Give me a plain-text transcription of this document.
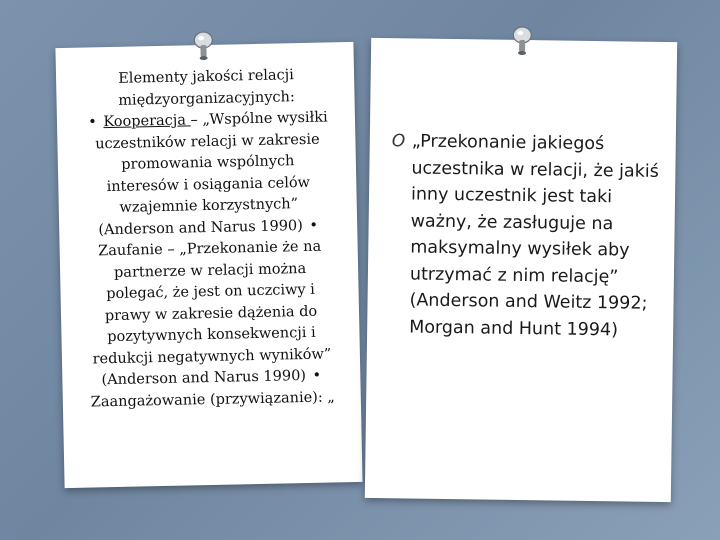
Elementy jakości relacji międzyorganizacyjnych:
• Kooperacja – „Wspólne wysiłki uczestników relacji w zakresie promowania wspólnych interesów i osiągania celów wzajemnie korzystnych” (Anderson and Narus 1990) • Zaufanie – „Przekonanie że na partnerze w relacji można polegać, że jest on uczciwy i prawy w zakresie dążenia do pozytywnych konsekwencji i redukcji negatywnych wyników” (Anderson and Narus 1990) • Zaangażowanie (przywiązanie): „
O „Przekonanie jakiegoś uczestnika w relacji, że jakiś inny uczestnik jest taki ważny, że zasługuje na maksymalny wysiłek aby utrzymać z nim relację” (Anderson and Weitz 1992; Morgan and Hunt 1994)
